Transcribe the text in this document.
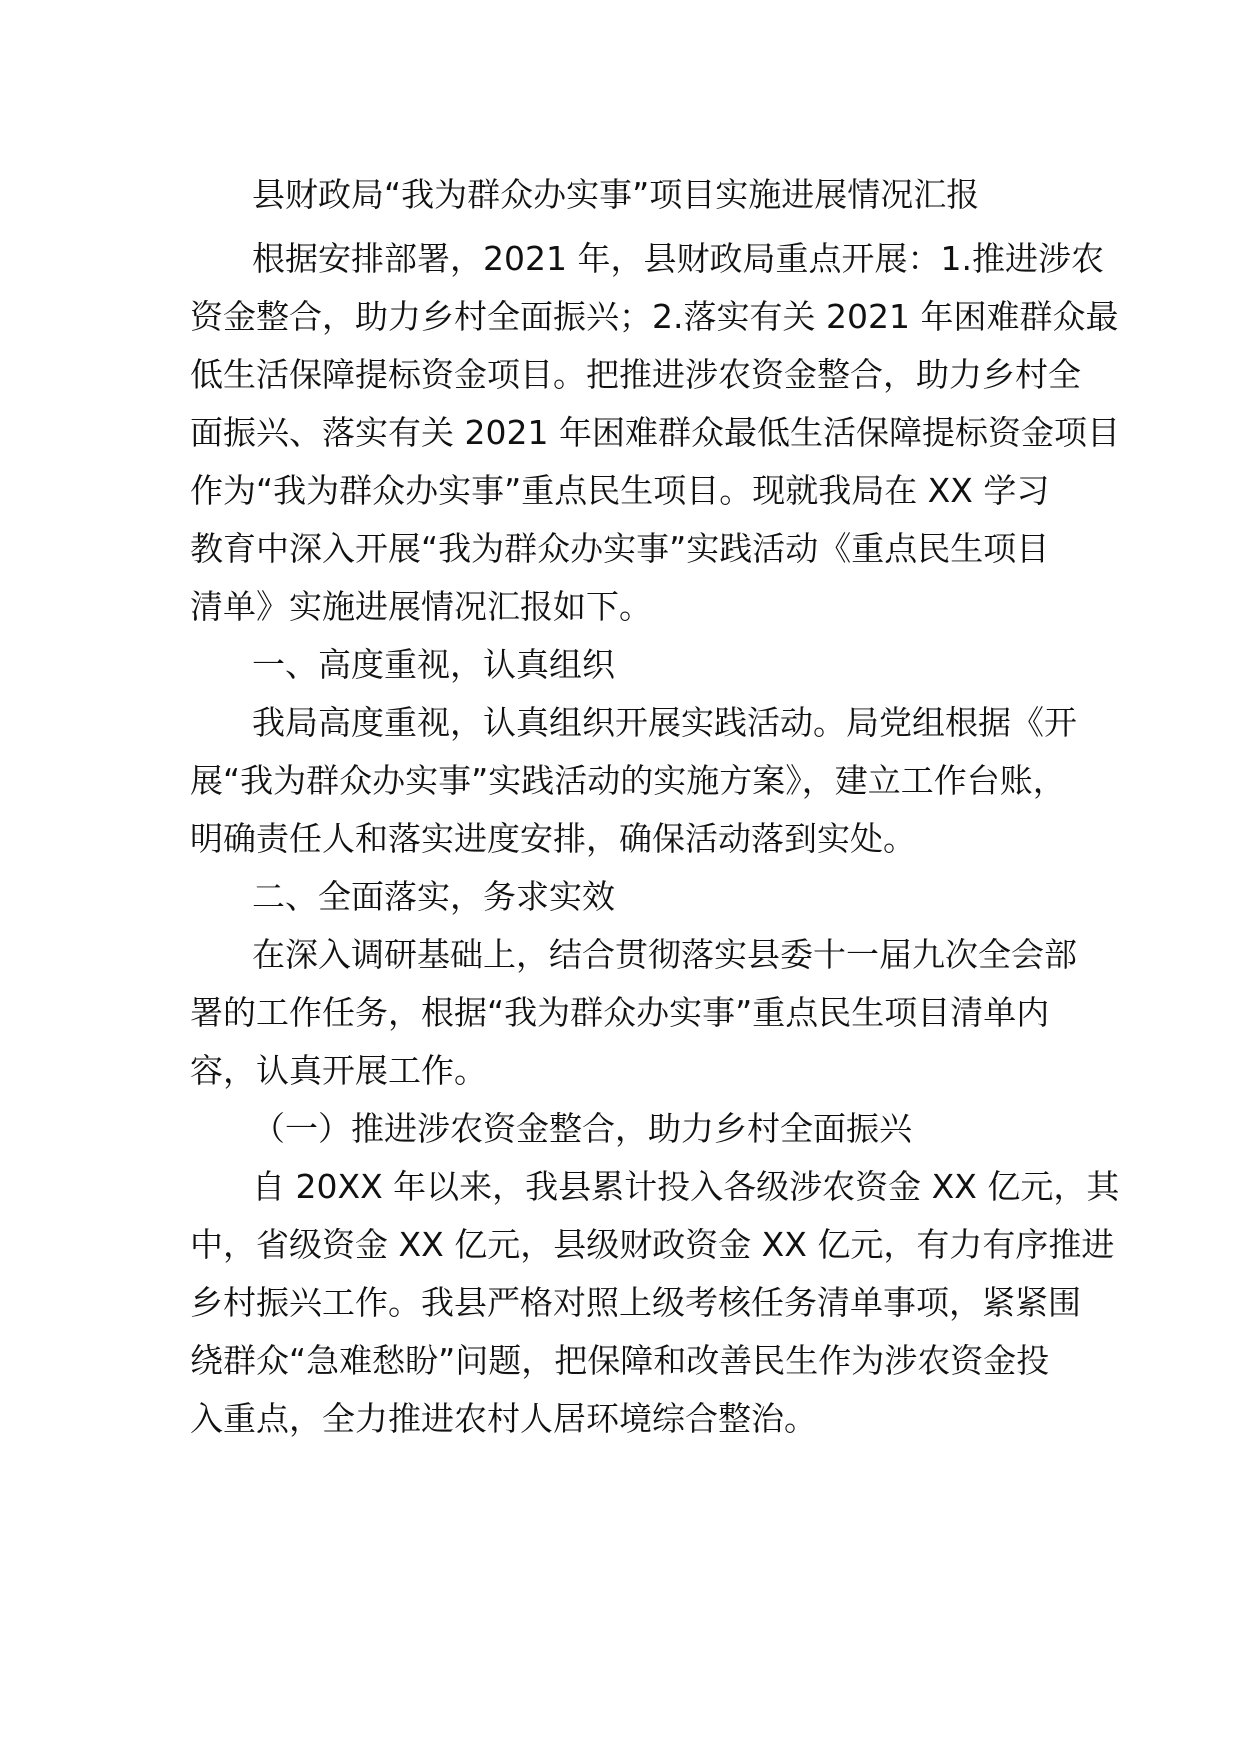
县财政局“我为群众办实事”项目实施进展情况汇报
根据安排部署，2021 年，县财政局重点开展：1.推进涉农
资金整合，助力乡村全面振兴；2.落实有关 2021 年困难群众最
低生活保障提标资金项目。把推进涉农资金整合，助力乡村全
面振兴、落实有关 2021 年困难群众最低生活保障提标资金项目
作为“我为群众办实事”重点民生项目。现就我局在 XX 学习
教育中深入开展“我为群众办实事”实践活动《重点民生项目
清单》实施进展情况汇报如下。
一、高度重视，认真组织
我局高度重视，认真组织开展实践活动。局党组根据《开
展“我为群众办实事”实践活动的实施方案》，建立工作台账，
明确责任人和落实进度安排，确保活动落到实处。
二、全面落实，务求实效
在深入调研基础上，结合贯彻落实县委十一届九次全会部
署的工作任务，根据“我为群众办实事”重点民生项目清单内
容，认真开展工作。
（一）推进涉农资金整合，助力乡村全面振兴
自 20XX 年以来，我县累计投入各级涉农资金 XX 亿元，其
中，省级资金 XX 亿元，县级财政资金 XX 亿元，有力有序推进
乡村振兴工作。我县严格对照上级考核任务清单事项，紧紧围
绕群众“急难愁盼”问题，把保障和改善民生作为涉农资金投
入重点，全力推进农村人居环境综合整治。
